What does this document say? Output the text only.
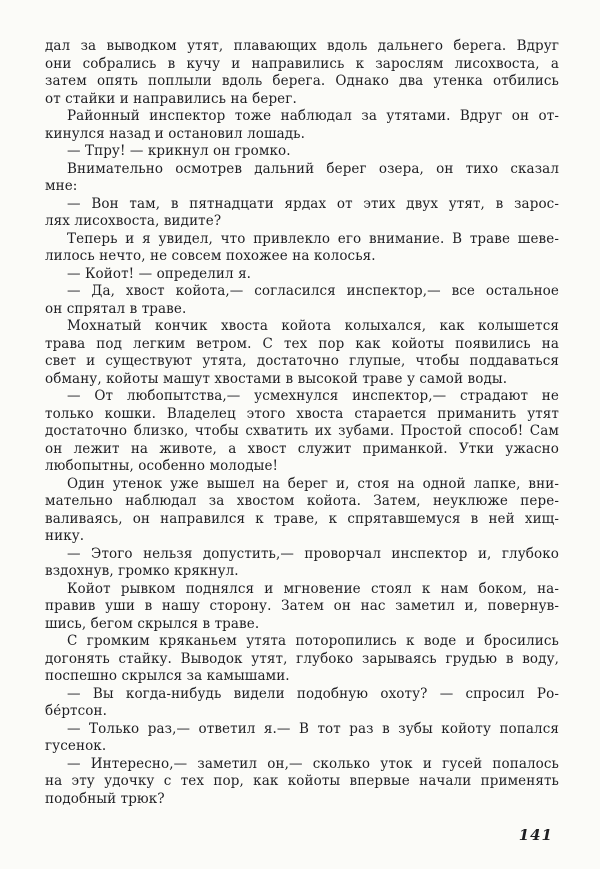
дал за выводком утят, плавающих вдоль дальнего берега. Вдруг
они собрались в кучу и направились к зарослям лисохвоста, а
затем опять поплыли вдоль берега. Однако два утенка отбились
от стайки и направились на берег.
Районный инспектор тоже наблюдал за утятами. Вдруг он от-
кинулся назад и остановил лошадь.
— Тпру! — крикнул он громко.
Внимательно осмотрев дальний берег озера, он тихо сказал
мне:
— Вон там, в пятнадцати ярдах от этих двух утят, в зарос-
лях лисохвоста, видите?
Теперь и я увидел, что привлекло его внимание. В траве шеве-
лилось нечто, не совсем похожее на колосья.
— Койот! — определил я.
— Да, хвост койота,— согласился инспектор,— все остальное
он спрятал в траве.
Мохнатый кончик хвоста койота колыхался, как колышется
трава под легким ветром. С тех пор как койоты появились на
свет и существуют утята, достаточно глупые, чтобы поддаваться
обману, койоты машут хвостами в высокой траве у самой воды.
— От любопытства,— усмехнулся инспектор,— страдают не
только кошки. Владелец этого хвоста старается приманить утят
достаточно близко, чтобы схватить их зубами. Простой способ! Сам
он лежит на животе, а хвост служит приманкой. Утки ужасно
любопытны, особенно молодые!
Один утенок уже вышел на берег и, стоя на одной лапке, вни-
мательно наблюдал за хвостом койота. Затем, неуклюже пере-
валиваясь, он направился к траве, к спрятавшемуся в ней хищ-
нику.
— Этого нельзя допустить,— проворчал инспектор и, глубоко
вздохнув, громко крякнул.
Койот рывком поднялся и мгновение стоял к нам боком, на-
правив уши в нашу сторону. Затем он нас заметил и, повернув-
шись, бегом скрылся в траве.
С громким кряканьем утята поторопились к воде и бросились
догонять стайку. Выводок утят, глубоко зарываясь грудью в воду,
поспешно скрылся за камышами.
— Вы когда-нибудь видели подобную охоту? — спросил Ро-
бе́ртсон.
— Только раз,— ответил я.— В тот раз в зубы койоту попался
гусенок.
— Интересно,— заметил он,— сколько уток и гусей попалось
на эту удочку с тех пор, как койоты впервые начали применять
подобный трюк?
141
